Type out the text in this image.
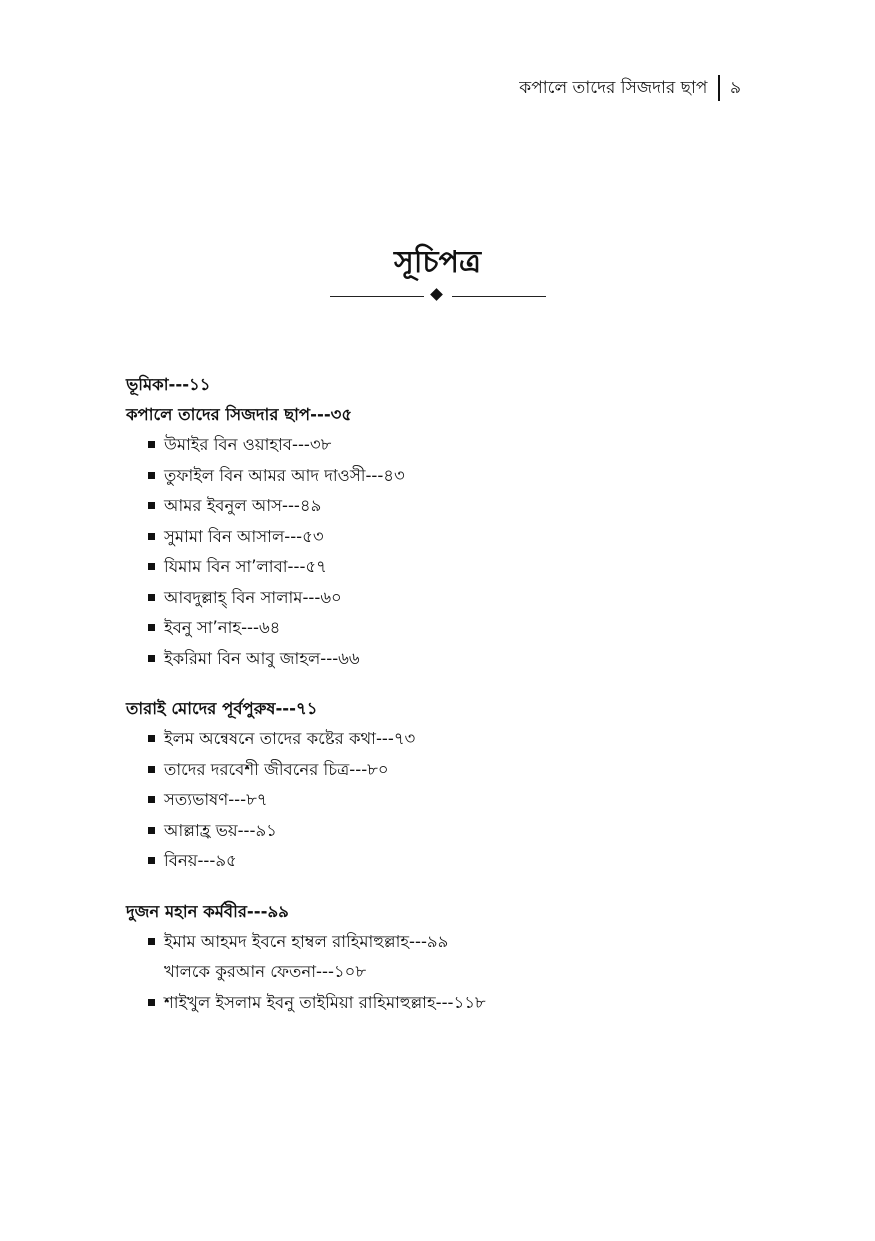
কপালে তাদের সিজদার ছাপ ৯
সূচিপত্র
ভূমিকা---১১
কপালে তাদের সিজদার ছাপ---৩৫
উমাইর বিন ওয়াহাব---৩৮
তুফাইল বিন আমর আদ দাওসী---৪৩
আমর ইবনুল আস---৪৯
সুমামা বিন আসাল---৫৩
যিমাম বিন সা’লাবা---৫৭
আবদুল্লাহ্ বিন সালাম---৬০
ইবনু সা’নাহ---৬৪
ইকরিমা বিন আবু জাহল---৬৬
তারাই মোদের পূর্বপুরুষ---৭১
ইলম অন্বেষনে তাদের কষ্টের কথা---৭৩
তাদের দরবেশী জীবনের চিত্র---৮০
সত্যভাষণ---৮৭
আল্লাহ্র ভয়---৯১
বিনয়---৯৫
দুজন মহান কর্মবীর---৯৯
ইমাম আহমদ ইবনে হাম্বল রাহিমাহুল্লাহ---৯৯
খালকে কুরআন ফেতনা---১০৮
শাইখুল ইসলাম ইবনু তাইমিয়া রাহিমাহুল্লাহ---১১৮
